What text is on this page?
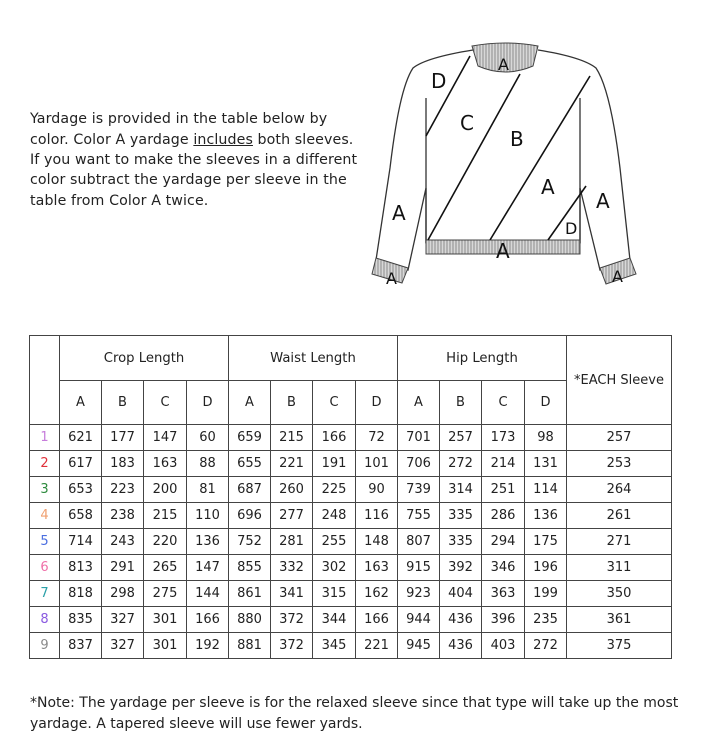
Yardage is provided in the table below by color. Color A yardage includes both sleeves. If you want to make the sleeves in a different color subtract the yardage per sleeve in the table from Color A twice.

D
C
B
A
D
A
A
A
A
A	A
	Crop Length				Waist Length				Hip Length				*EACH Sleeve
	A	B	C	D	A	B	C	D	A	B	C	D	
1	621	177	147	60	659	215	166	72	701	257	173	98	257
2	617	183	163	88	655	221	191	101	706	272	214	131	253
3	653	223	200	81	687	260	225	90	739	314	251	114	264
4	658	238	215	110	696	277	248	116	755	335	286	136	261
5	714	243	220	136	752	281	255	148	807	335	294	175	271
6	813	291	265	147	855	332	302	163	915	392	346	196	311
7	818	298	275	144	861	341	315	162	923	404	363	199	350
8	835	327	301	166	880	372	344	166	944	436	396	235	361
9	837	327	301	192	881	372	345	221	945	436	403	272	375

*Note: The yardage per sleeve is for the relaxed sleeve since that type will take up the most yardage. A tapered sleeve will use fewer yards.
